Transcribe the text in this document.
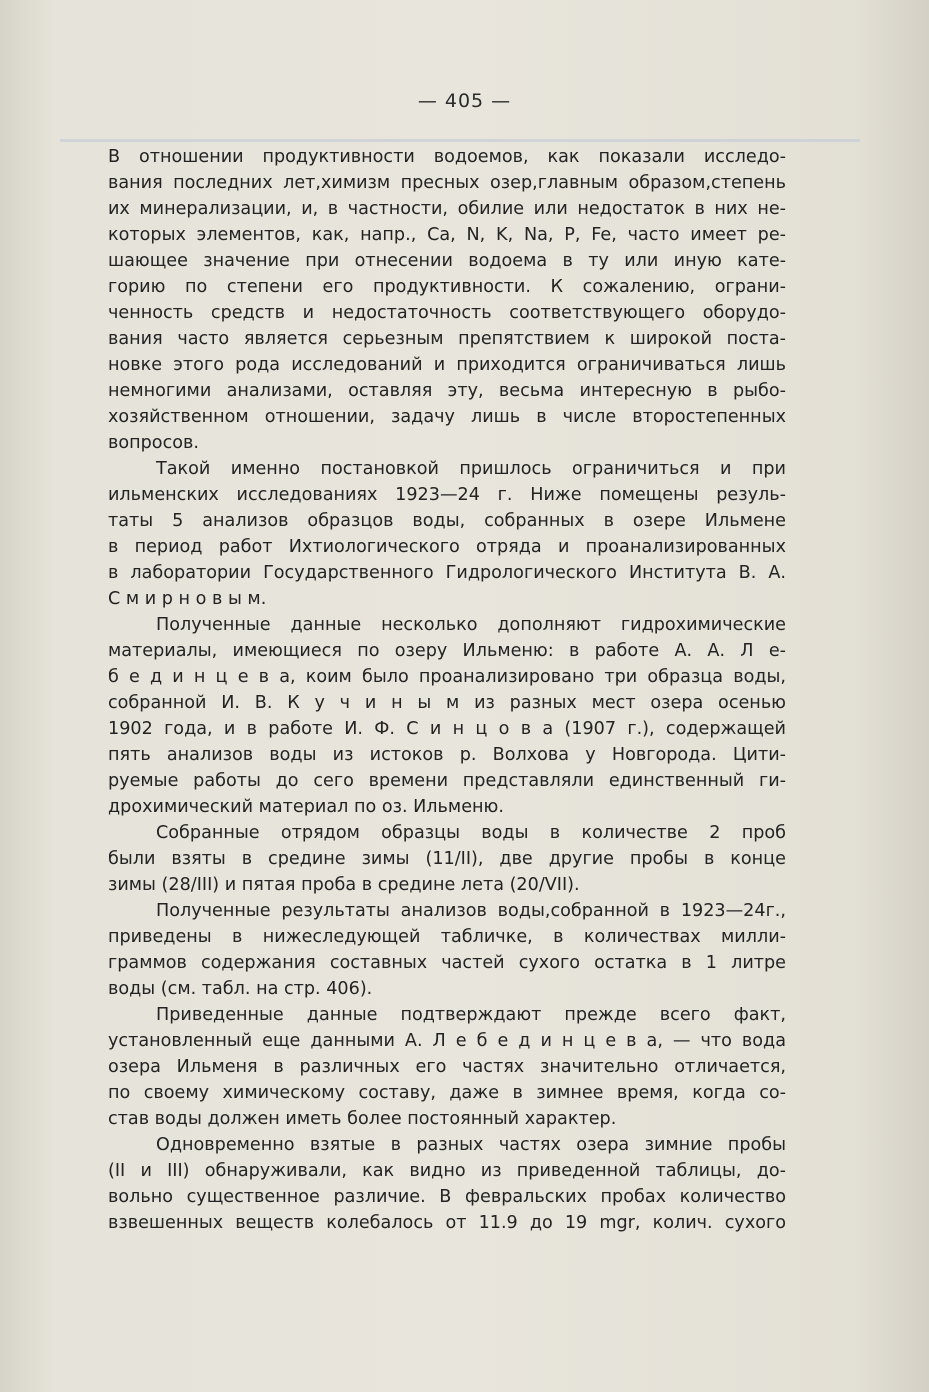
— 405 —
В отношении продуктивности водоемов, как показали исследо-
вания последних лет,химизм пресных озер,главным образом,степень
их минерализации, и, в частности, обилие или недостаток в них не-
которых элементов, как, напр., Ca, N, K, Na, P, Fe, часто имеет ре-
шающее значение при отнесении водоема в ту или иную кате-
горию по степени его продуктивности. К сожалению, ограни-
ченность средств и недостаточность соответствующего оборудо-
вания часто является серьезным препятствием к широкой поста-
новке этого рода исследований и приходится ограничиваться лишь
немногими анализами, оставляя эту, весьма интересную в рыбо-
хозяйственном отношении, задачу лишь в числе второстепенных
вопросов.
Такой именно постановкой пришлось ограничиться и при
ильменских исследованиях 1923—24 г. Ниже помещены резуль-
таты 5 анализов образцов воды, собранных в озере Ильмене
в период работ Ихтиологического отряда и проанализированных
в лаборатории Государственного Гидрологического Института В. А.
С м и р н о в ы м.
Полученные данные несколько дополняют гидрохимические
материалы, имеющиеся по озеру Ильменю: в работе А. А. Л е-
б е д и н ц е в а, коим было проанализировано три образца воды,
собранной И. В. К у ч и н ы м из разных мест озера осенью
1902 года, и в работе И. Ф. С и н ц о в а (1907 г.), содержащей
пять анализов воды из истоков р. Волхова у Новгорода. Цити-
руемые работы до сего времени представляли единственный ги-
дрохимический материал по оз. Ильменю.
Собранные отрядом образцы воды в количестве 2 проб
были взяты в средине зимы (11/II), две другие пробы в конце
зимы (28/III) и пятая проба в средине лета (20/VII).
Полученные результаты анализов воды,собранной в 1923—24г.,
приведены в нижеследующей табличке, в количествах милли-
граммов содержания составных частей сухого остатка в 1 литре
воды (см. табл. на стр. 406).
Приведенные данные подтверждают прежде всего факт,
установленный еще данными А. Л е б е д и н ц е в а, — что вода
озера Ильменя в различных его частях значительно отличается,
по своему химическому составу, даже в зимнее время, когда со-
став воды должен иметь более постоянный характер.
Одновременно взятые в разных частях озера зимние пробы
(II и III) обнаруживали, как видно из приведенной таблицы, до-
вольно существенное различие. В февральских пробах количество
взвешенных веществ колебалось от 11.9 до 19 mgr, колич. сухого
